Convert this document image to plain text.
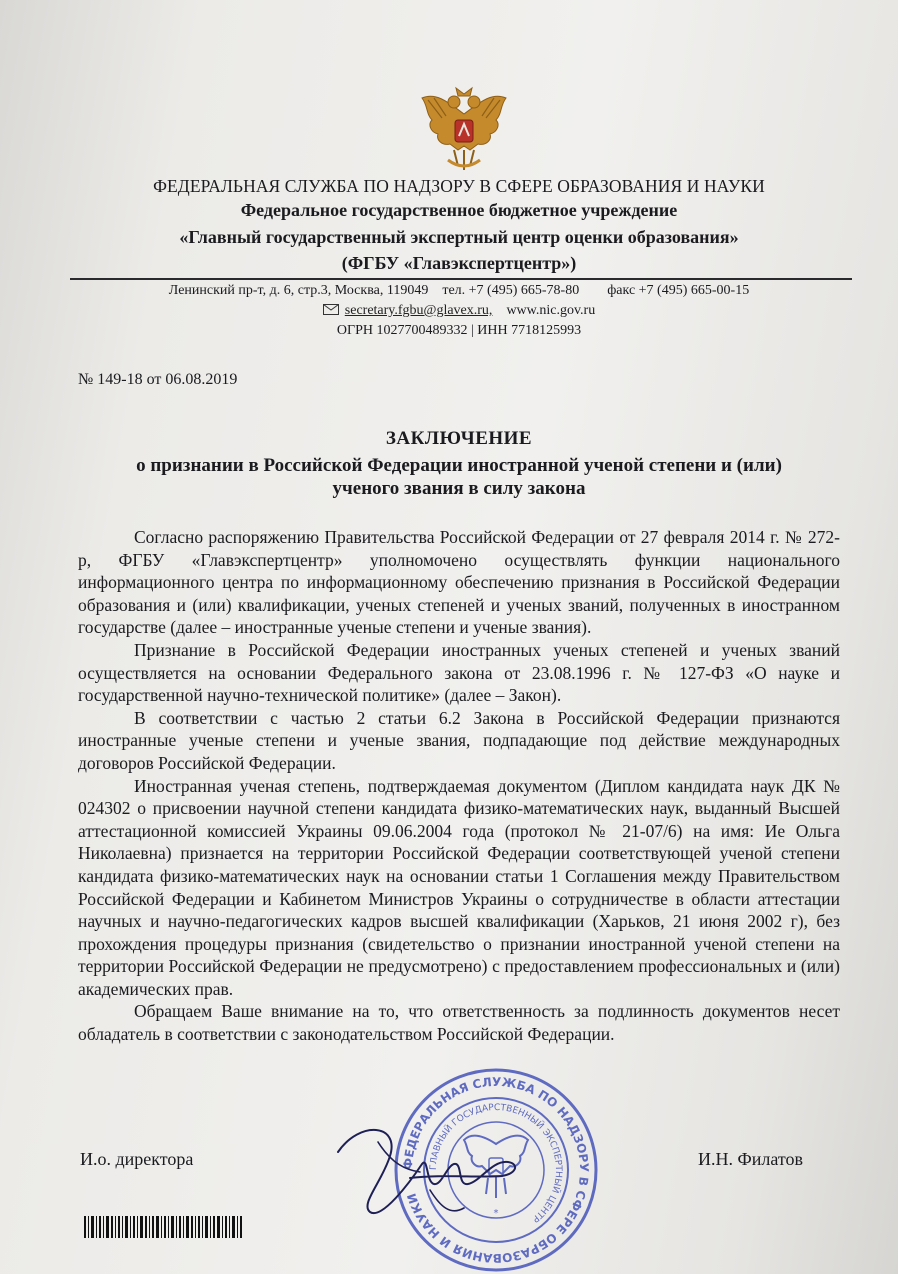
ФЕДЕРАЛЬНАЯ СЛУЖБА ПО НАДЗОРУ В СФЕРЕ ОБРАЗОВАНИЯ И НАУКИ
Федеральное государственное бюджетное учреждение
«Главный государственный экспертный центр оценки образования»
(ФГБУ «Главэкспертцентр»)
Ленинский пр-т, д. 6, стр.3, Москва, 119049 тел. +7 (495) 665-78-80 факс +7 (495) 665-00-15
secretary.fgbu@glavex.ru, www.nic.gov.ru
ОГРН 1027700489332 | ИНН 7718125993
№ 149-18 от 06.08.2019
ЗАКЛЮЧЕНИЕ
о признании в Российской Федерации иностранной ученой степени и (или)
ученого звания в силу закона

Согласно распоряжению Правительства Российской Федерации от 27 февраля 2014 г. № 272-р, ФГБУ «Главэкспертцентр» уполномочено осуществлять функции национального информационного центра по информационному обеспечению признания в Российской Федерации образования и (или) квалификации, ученых степеней и ученых званий, полученных в иностранном государстве (далее – иностранные ученые степени и ученые звания).

Признание в Российской Федерации иностранных ученых степеней и ученых званий осуществляется на основании Федерального закона от 23.08.1996 г. № 127-ФЗ «О науке и государственной научно-технической политике» (далее – Закон).

В соответствии с частью 2 статьи 6.2 Закона в Российской Федерации признаются иностранные ученые степени и ученые звания, подпадающие под действие международных договоров Российской Федерации.

Иностранная ученая степень, подтверждаемая документом (Диплом кандидата наук ДК № 024302 о присвоении научной степени кандидата физико-математических наук, выданный Высшей аттестационной комиссией Украины 09.06.2004 года (протокол № 21-07/6) на имя: Ие Ольга Николаевна) признается на территории Российской Федерации соответствующей ученой степени кандидата физико-математических наук на основании статьи 1 Соглашения между Правительством Российской Федерации и Кабинетом Министров Украины о сотрудничестве в области аттестации научных и научно-педагогических кадров высшей квалификации (Харьков, 21 июня 2002 г), без прохождения процедуры признания (свидетельство о признании иностранной ученой степени на территории Российской Федерации не предусмотрено) с предоставлением профессиональных и (или) академических прав.

Обращаем Ваше внимание на то, что ответственность за подлинность документов несет обладатель в соответствии с законодательством Российской Федерации.

И.о. директора	И.Н. Филатов
ФЕДЕРАЛЬНАЯ СЛУЖБА ПО НАДЗОРУ В СФЕРЕ ОБРАЗОВАНИЯ И НАУКИ
ГЛАВНЫЙ ГОСУДАРСТВЕННЫЙ ЭКСПЕРТНЫЙ ЦЕНТР
*
